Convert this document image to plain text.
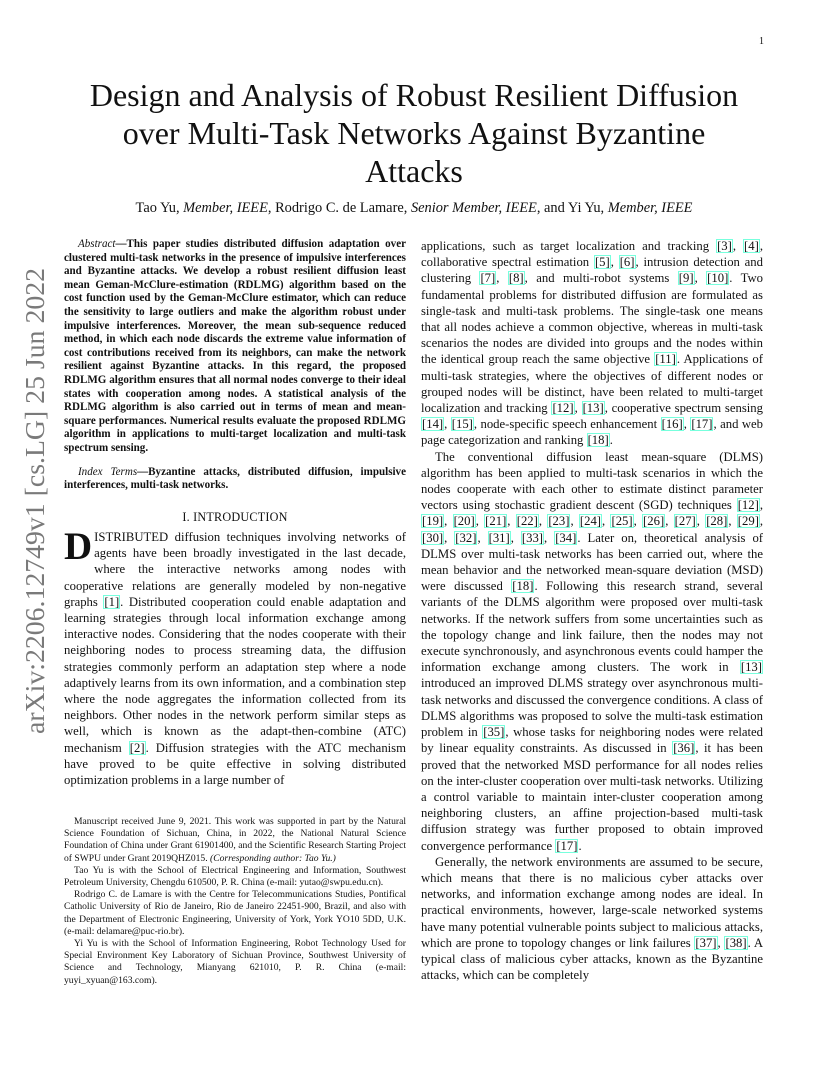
1
arXiv:2206.12749v1 [cs.LG] 25 Jun 2022
Design and Analysis of Robust Resilient Diffusion
over Multi-Task Networks Against Byzantine
Attacks
Tao Yu, Member, IEEE, Rodrigo C. de Lamare, Senior Member, IEEE, and Yi Yu, Member, IEEE

Abstract—This paper studies distributed diffusion adaptation over clustered multi-task networks in the presence of impulsive interferences and Byzantine attacks. We develop a robust resilient diffusion least mean Geman-McClure-estimation (RDLMG) algorithm based on the cost function used by the Geman-McClure estimator, which can reduce the sensitivity to large outliers and make the algorithm robust under impulsive interferences. Moreover, the mean sub-sequence reduced method, in which each node discards the extreme value information of cost contributions received from its neighbors, can make the network resilient against Byzantine attacks. In this regard, the proposed RDLMG algorithm ensures that all normal nodes converge to their ideal states with cooperation among nodes. A statistical analysis of the RDLMG algorithm is also carried out in terms of mean and mean-square performances. Numerical results evaluate the proposed RDLMG algorithm in applications to multi-target localization and multi-task spectrum sensing.

Index Terms—Byzantine attacks, distributed diffusion, impulsive interferences, multi-task networks.

I. INTRODUCTION

DISTRIBUTED diffusion techniques involving networks of agents have been broadly investigated in the last decade, where the interactive networks among nodes with cooperative relations are generally modeled by non-negative graphs [1]. Distributed cooperation could enable adaptation and learning strategies through local information exchange among interactive nodes. Considering that the nodes cooperate with their neighboring nodes to process streaming data, the diffusion strategies commonly perform an adaptation step where a node adaptively learns from its own information, and a combination step where the node aggregates the information collected from its neighbors. Other nodes in the network perform similar steps as well, which is known as the adapt-then-combine (ATC) mechanism [2]. Diffusion strategies with the ATC mechanism have proved to be quite effective in solving distributed optimization problems in a large number of

Manuscript received June 9, 2021. This work was supported in part by the Natural Science Foundation of Sichuan, China, in 2022, the National Natural Science Foundation of China under Grant 61901400, and the Scientific Research Starting Project of SWPU under Grant 2019QHZ015. (Corresponding author: Tao Yu.)

Tao Yu is with the School of Electrical Engineering and Information, Southwest Petroleum University, Chengdu 610500, P. R. China (e-mail: yutao@swpu.edu.cn).

Rodrigo C. de Lamare is with the Centre for Telecommunications Studies, Pontifical Catholic University of Rio de Janeiro, Rio de Janeiro 22451-900, Brazil, and also with the Department of Electronic Engineering, University of York, York YO10 5DD, U.K. (e-mail: delamare@puc-rio.br).

Yi Yu is with the School of Information Engineering, Robot Technology Used for Special Environment Key Laboratory of Sichuan Province, Southwest University of Science and Technology, Mianyang 621010, P. R. China (e-mail: yuyi_xyuan@163.com).

applications, such as target localization and tracking [3], [4], collaborative spectral estimation [5], [6], intrusion detection and clustering [7], [8], and multi-robot systems [9], [10]. Two fundamental problems for distributed diffusion are formulated as single-task and multi-task problems. The single-task one means that all nodes achieve a common objective, whereas in multi-task scenarios the nodes are divided into groups and the nodes within the identical group reach the same objective [11]. Applications of multi-task strategies, where the objectives of different nodes or grouped nodes will be distinct, have been related to multi-target localization and tracking [12], [13], cooperative spectrum sensing [14], [15], node-specific speech enhancement [16], [17], and web page categorization and ranking [18].

The conventional diffusion least mean-square (DLMS) algorithm has been applied to multi-task scenarios in which the nodes cooperate with each other to estimate distinct parameter vectors using stochastic gradient descent (SGD) techniques [12], [19], [20], [21], [22], [23], [24], [25], [26], [27], [28], [29], [30], [32], [31], [33], [34]. Later on, theoretical analysis of DLMS over multi-task networks has been carried out, where the mean behavior and the networked mean-square deviation (MSD) were discussed [18]. Following this research strand, several variants of the DLMS algorithm were proposed over multi-task networks. If the network suffers from some uncertainties such as the topology change and link failure, then the nodes may not execute synchronously, and asynchronous events could hamper the information exchange among clusters. The work in [13] introduced an improved DLMS strategy over asynchronous multi-task networks and discussed the convergence conditions. A class of DLMS algorithms was proposed to solve the multi-task estimation problem in [35], whose tasks for neighboring nodes were related by linear equality constraints. As discussed in [36], it has been proved that the networked MSD performance for all nodes relies on the inter-cluster cooperation over multi-task networks. Utilizing a control variable to maintain inter-cluster cooperation among neighboring clusters, an affine projection-based multi-task diffusion strategy was further proposed to obtain improved convergence performance [17].

Generally, the network environments are assumed to be secure, which means that there is no malicious cyber attacks over networks, and information exchange among nodes are ideal. In practical environments, however, large-scale networked systems have many potential vulnerable points subject to malicious attacks, which are prone to topology changes or link failures [37], [38]. A typical class of malicious cyber attacks, known as the Byzantine attacks, which can be completely
